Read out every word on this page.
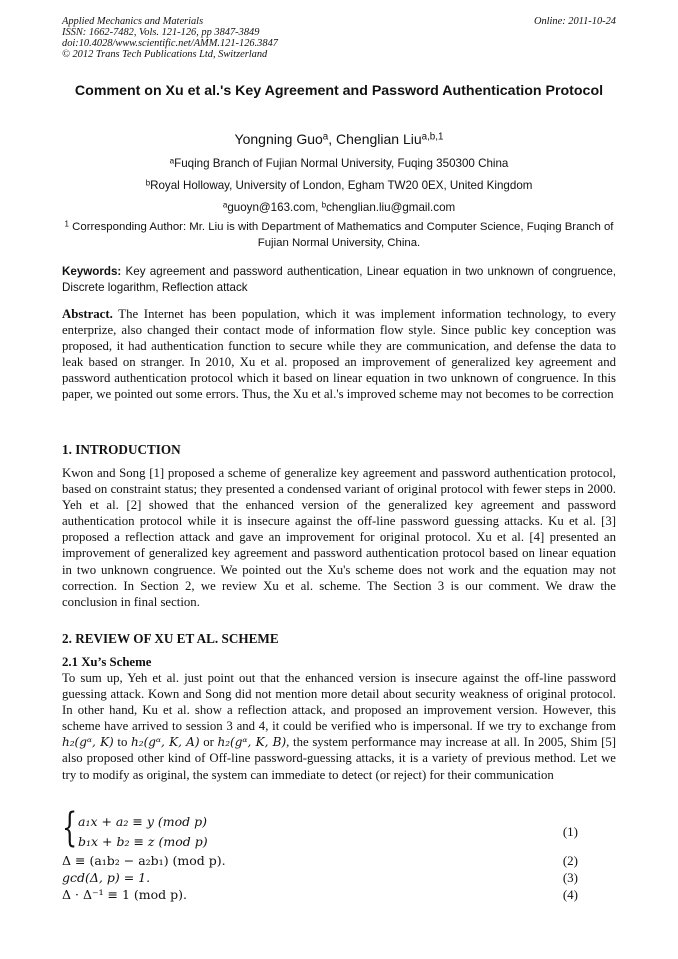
Applied Mechanics and Materials
ISSN: 1662-7482, Vols. 121-126, pp 3847-3849
doi:10.4028/www.scientific.net/AMM.121-126.3847
© 2012 Trans Tech Publications Ltd, Switzerland
Online: 2011-10-24
Comment on Xu et al.'s Key Agreement and Password Authentication Protocol
Yongning Guo$^a$, Chenglian Liu$^{a,b,1}$
$^a$Fuqing Branch of Fujian Normal University, Fuqing 350300 China
$^b$Royal Holloway, University of London, Egham TW20 0EX, United Kingdom
$^a$guoyn@163.com, $^b$chenglian.liu@gmail.com
$^1$ Corresponding Author: Mr. Liu is with Department of Mathematics and Computer Science, Fuqing Branch of Fujian Normal University, China.
Keywords: Key agreement and password authentication, Linear equation in two unknown of congruence, Discrete logarithm, Reflection attack
Abstract. The Internet has been population, which it was implement information technology, to every enterprize, also changed their contact mode of information flow style. Since public key conception was proposed, it had authentication function to secure while they are communication, and defense the data to leak based on stranger. In 2010, Xu et al. proposed an improvement of generalized key agreement and password authentication protocol which it based on linear equation in two unknown of congruence. In this paper, we pointed out some errors. Thus, the Xu et al.'s improved scheme may not becomes to be correction
1. INTRODUCTION
Kwon and Song [1] proposed a scheme of generalize key agreement and password authentication protocol, based on constraint status; they presented a condensed variant of original protocol with fewer steps in 2000. Yeh et al. [2] showed that the enhanced version of the generalized key agreement and password authentication protocol while it is insecure against the off-line password guessing attacks. Ku et al. [3] proposed a reflection attack and gave an improvement for original protocol. Xu et al. [4] presented an improvement of generalized key agreement and password authentication protocol based on linear equation in two unknown congruence. We pointed out the Xu's scheme does not work and the equation may not correction. In Section 2, we review Xu et al. scheme. The Section 3 is our comment. We draw the conclusion in final section.
2. REVIEW OF XU ET AL. SCHEME
2.1 Xu’s Scheme
To sum up, Yeh et al. just point out that the enhanced version is insecure against the off-line password guessing attack. Kown and Song did not mention more detail about security weakness of original protocol. In other hand, Ku et al. show a reflection attack, and proposed an improvement version. However, this scheme have arrived to session 3 and 4, it could be verified who is impersonal. If we try to exchange from h₂(gᵅ, K) to h₂(gᵅ, K, A) or h₂(gᵅ, K, B), the system performance may increase at all. In 2005, Shim [5] also proposed other kind of Off-line password-guessing attacks, it is a variety of previous method. Let we try to modify as original, the system can immediate to detect (or reject) for their communication
{ a₁x + a₂ ≡ y (mod p)
b₁x + b₂ ≡ z (mod p)
(1)
Δ ≡ (a₁b₂ − a₂b₁) (mod p).	(2)
gcd(Δ, p) = 1.	(3)
Δ · Δ⁻¹ ≡ 1 (mod p).	(4)
